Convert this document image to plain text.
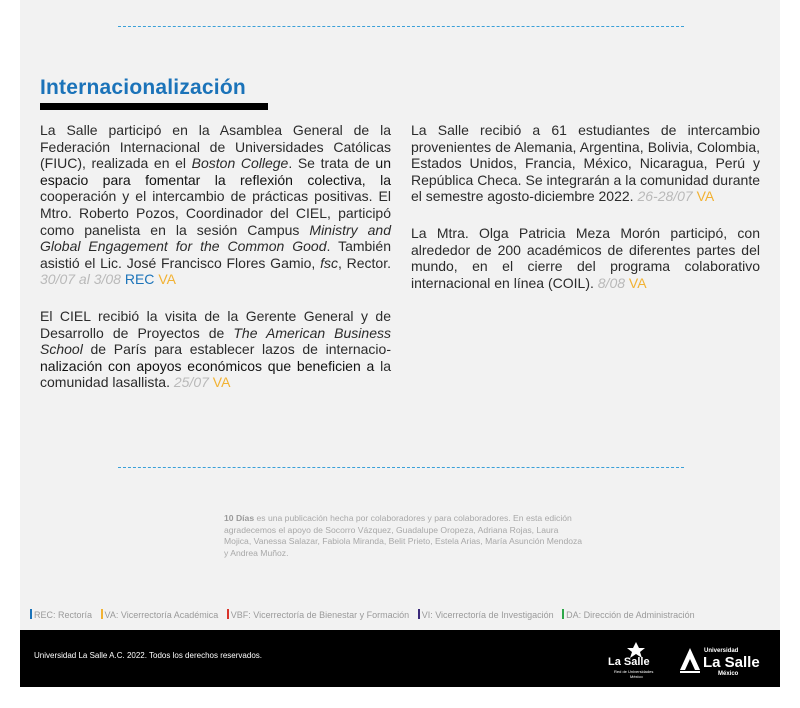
Internacionalización

La Salle participó en la Asamblea General de la Federación Internacional de Universidades Católicas (FIUC), realizada en el Boston College. Se trata de un espacio para fomentar la reflexión colectiva, la cooperación y el intercambio de prácticas positivas. El Mtro. Roberto Pozos, Coordinador del CIEL, participó como panelista en la sesión Campus Ministry and Global Engagement for the Common Good. También asistió el Lic. José Francisco Flores Gamio, fsc, Rector. 30/07 al 3/08 REC VA

El CIEL recibió la visita de la Gerente General y de Desarrollo de Proyectos de The American Business School de París para establecer lazos de internacio-nalización con apoyos económicos que beneficien a la comunidad lasallista. 25/07 VA

La Salle recibió a 61 estudiantes de intercambio provenientes de Alemania, Argentina, Bolivia, Colombia, Estados Unidos, Francia, México, Nicaragua, Perú y República Checa. Se integrarán a la comunidad durante el semestre agosto-diciembre 2022. 26-28/07 VA

La Mtra. Olga Patricia Meza Morón participó, con alrededor de 200 académicos de diferentes partes del mundo, en el cierre del programa colaborativo internacional en línea (COIL). 8/08 VA

10 Días es una publicación hecha por colaboradores y para colaboradores. En esta edición agradecemos el apoyo de Socorro Vázquez, Guadalupe Oropeza, Adriana Rojas, Laura Mojica, Vanessa Salazar, Fabiola Miranda, Belit Prieto, Estela Arias, María Asunción Mendoza y Andrea Muñoz.
REC: Rectoría VA: Vicerrectoría Académica VBF: Vicerrectoría de Bienestar y Formación VI: Vicerrectoría de Investigación DA: Dirección de Administración
Universidad La Salle A.C. 2022. Todos los derechos reservados.
La Salle
Red de Universidades
México
Universidad
La Salle
México
